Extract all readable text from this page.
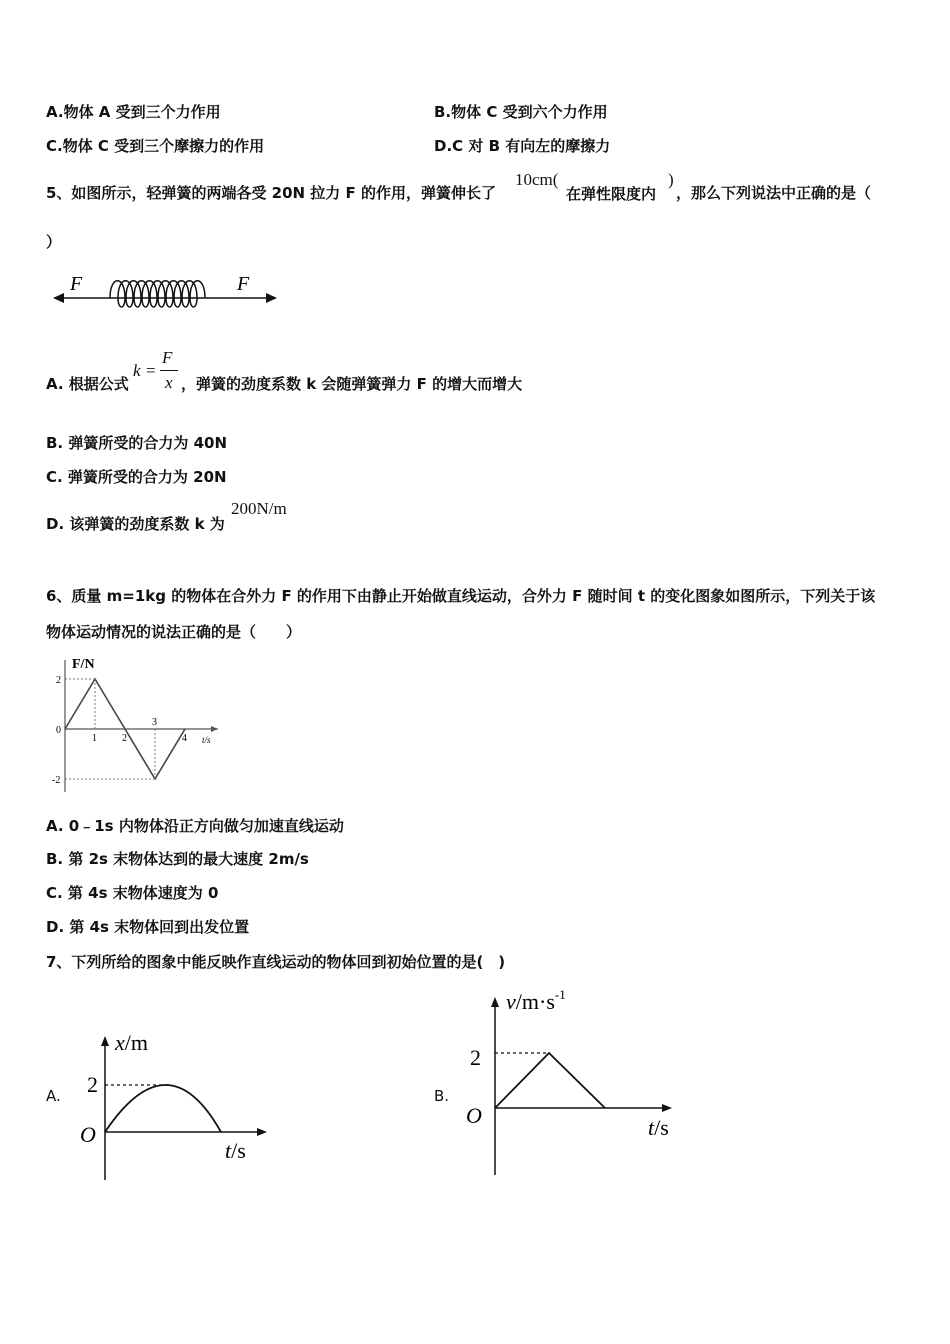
A.物体 A 受到三个力作用	B.物体 C 受到六个力作用
C.物体 C 受到三个摩擦力的作用	D.C 对 B 有向左的摩擦力
5、如图所示，轻弹簧的两端各受 20N 拉力 F 的作用，弹簧伸长了
10cm(
在弹性限度内
)
，那么下列说法中正确的是（
）
F	F
A. 根据公式
k =
F
x ，弹簧的劲度系数 k 会随弹簧弹力 F 的增大而增大
B. 弹簧所受的合力为 40N
C. 弹簧所受的合力为 20N
D. 该弹簧的劲度系数 k 为
200N/m
6、质量 m=1kg 的物体在合外力 F 的作用下由静止开始做直线运动，合外力 F 随时间 t 的变化图象如图所示，下列关于该
物体运动情况的说法正确的是（　　）
F/N
t/s
1	2
3
4
2
0
-2
A. 0﹣1s 内物体沿正方向做匀加速直线运动
B. 第 2s 末物体达到的最大速度 2m/s
C. 第 4s 末物体速度为 0
D. 第 4s 末物体回到出发位置
7、下列所给的图象中能反映作直线运动的物体回到初始位置的是(　)
A.
x/m
2
O
t/s
B.
$v/m\cdot s^{-1}$
2
O	t/s
